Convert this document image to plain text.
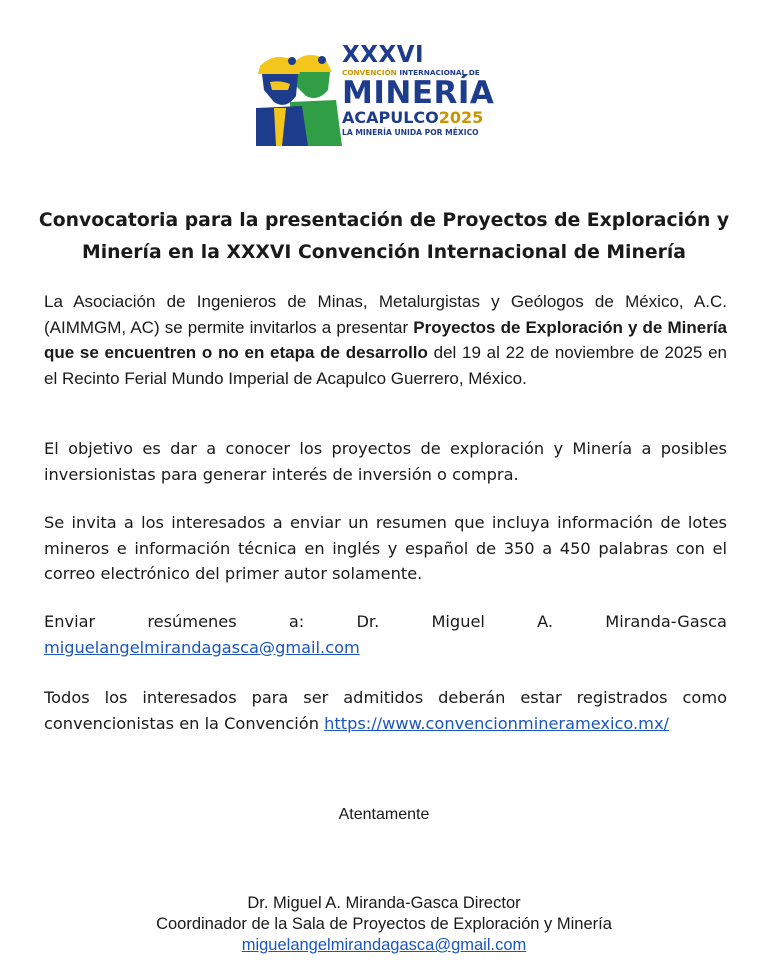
XXXVI
CONVENCIÓN INTERNACIONAL DE
MINERÍA
ACAPULCO2025
LA MINERÍA UNIDA POR MÉXICO
Convocatoria para la presentación de Proyectos de Exploración y
Minería en la XXXVI Convención Internacional de Minería

La Asociación de Ingenieros de Minas, Metalurgistas y Geólogos de México, A.C. (AIMMGM, AC) se permite invitarlos a presentar Proyectos de Exploración y de Minería que se encuentren o no en etapa de desarrollo del 19 al 22 de noviembre de 2025 en el Recinto Ferial Mundo Imperial de Acapulco Guerrero, México.

El objetivo es dar a conocer los proyectos de exploración y Minería a posibles inversionistas para generar interés de inversión o compra.

Se invita a los interesados a enviar un resumen que incluya información de lotes mineros e información técnica en inglés y español de 350 a 450 palabras con el correo electrónico del primer autor solamente.

Enviar	resúmenes	a:	Dr.	Miguel	A.	Miranda-Gasca
miguelangelmirandagasca@gmail.com

Todos los interesados para ser admitidos deberán estar registrados como convencionistas en la Convención https://www.convencionmineramexico.mx/

Atentamente

Dr. Miguel A. Miranda-Gasca Director
Coordinador de la Sala de Proyectos de Exploración y Minería
miguelangelmirandagasca@gmail.com
